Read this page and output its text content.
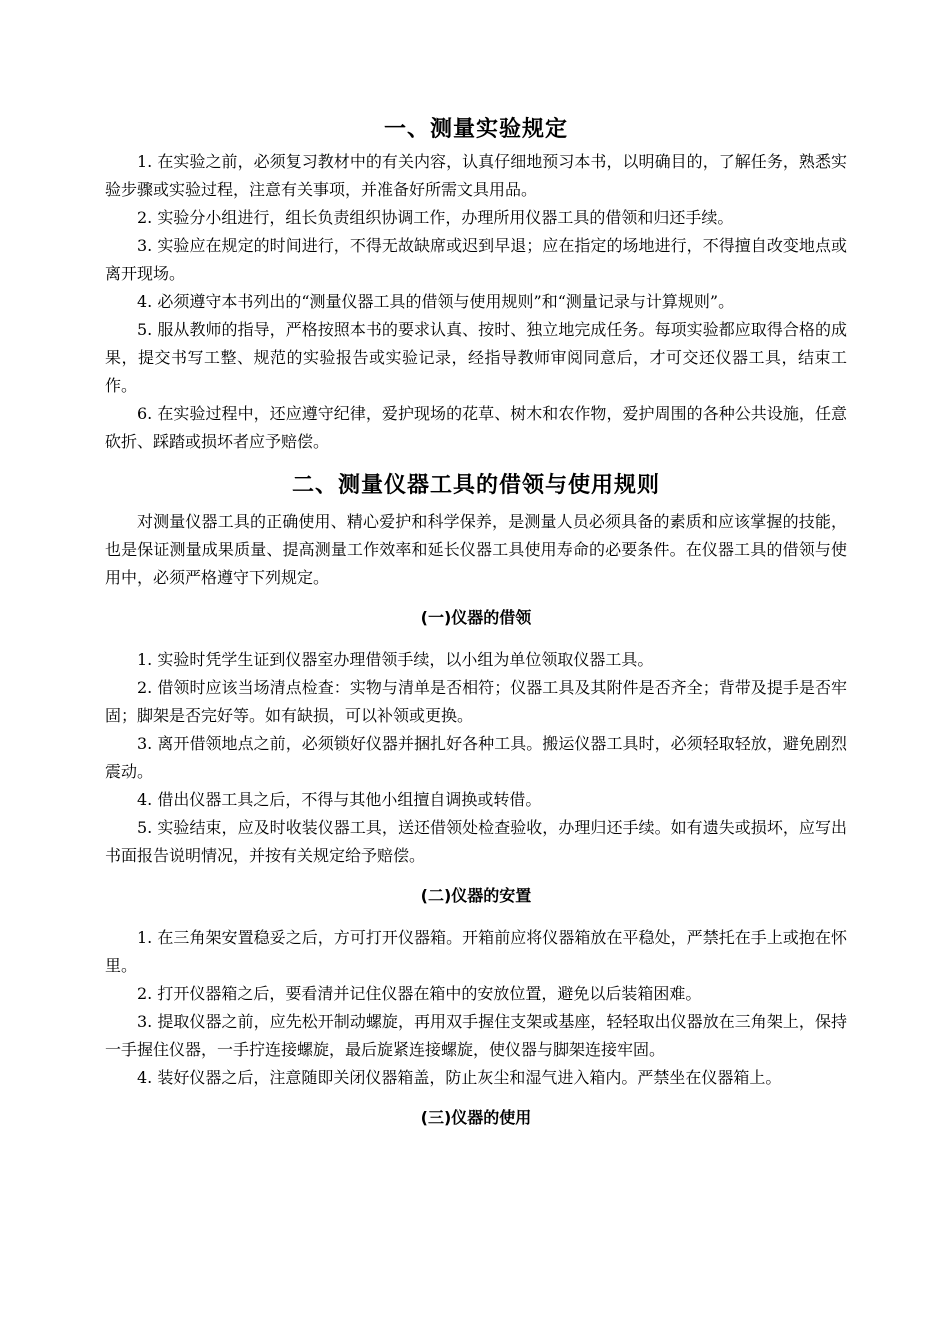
一、测量实验规定

1. 在实验之前，必须复习教材中的有关内容，认真仔细地预习本书，以明确目的，了解任务，熟悉实验步骤或实验过程，注意有关事项，并准备好所需文具用品。

2. 实验分小组进行，组长负责组织协调工作，办理所用仪器工具的借领和归还手续。

3. 实验应在规定的时间进行，不得无故缺席或迟到早退；应在指定的场地进行，不得擅自改变地点或离开现场。

4. 必须遵守本书列出的“测量仪器工具的借领与使用规则”和“测量记录与计算规则”。

5. 服从教师的指导，严格按照本书的要求认真、按时、独立地完成任务。每项实验都应取得合格的成果，提交书写工整、规范的实验报告或实验记录，经指导教师审阅同意后，才可交还仪器工具，结束工作。

6. 在实验过程中，还应遵守纪律，爱护现场的花草、树木和农作物，爱护周围的各种公共设施，任意砍折、踩踏或损坏者应予赔偿。

二、测量仪器工具的借领与使用规则

对测量仪器工具的正确使用、精心爱护和科学保养，是测量人员必须具备的素质和应该掌握的技能，也是保证测量成果质量、提高测量工作效率和延长仪器工具使用寿命的必要条件。在仪器工具的借领与使用中，必须严格遵守下列规定。

(一)仪器的借领

1. 实验时凭学生证到仪器室办理借领手续，以小组为单位领取仪器工具。

2. 借领时应该当场清点检查：实物与清单是否相符；仪器工具及其附件是否齐全；背带及提手是否牢固；脚架是否完好等。如有缺损，可以补领或更换。

3. 离开借领地点之前，必须锁好仪器并捆扎好各种工具。搬运仪器工具时，必须轻取轻放，避免剧烈震动。

4. 借出仪器工具之后，不得与其他小组擅自调换或转借。

5. 实验结束，应及时收装仪器工具，送还借领处检查验收，办理归还手续。如有遗失或损坏，应写出书面报告说明情况，并按有关规定给予赔偿。

(二)仪器的安置

1. 在三角架安置稳妥之后，方可打开仪器箱。开箱前应将仪器箱放在平稳处，严禁托在手上或抱在怀里。

2. 打开仪器箱之后，要看清并记住仪器在箱中的安放位置，避免以后装箱困难。

3. 提取仪器之前，应先松开制动螺旋，再用双手握住支架或基座，轻轻取出仪器放在三角架上，保持一手握住仪器，一手拧连接螺旋，最后旋紧连接螺旋，使仪器与脚架连接牢固。

4. 装好仪器之后，注意随即关闭仪器箱盖，防止灰尘和湿气进入箱内。严禁坐在仪器箱上。

(三)仪器的使用
